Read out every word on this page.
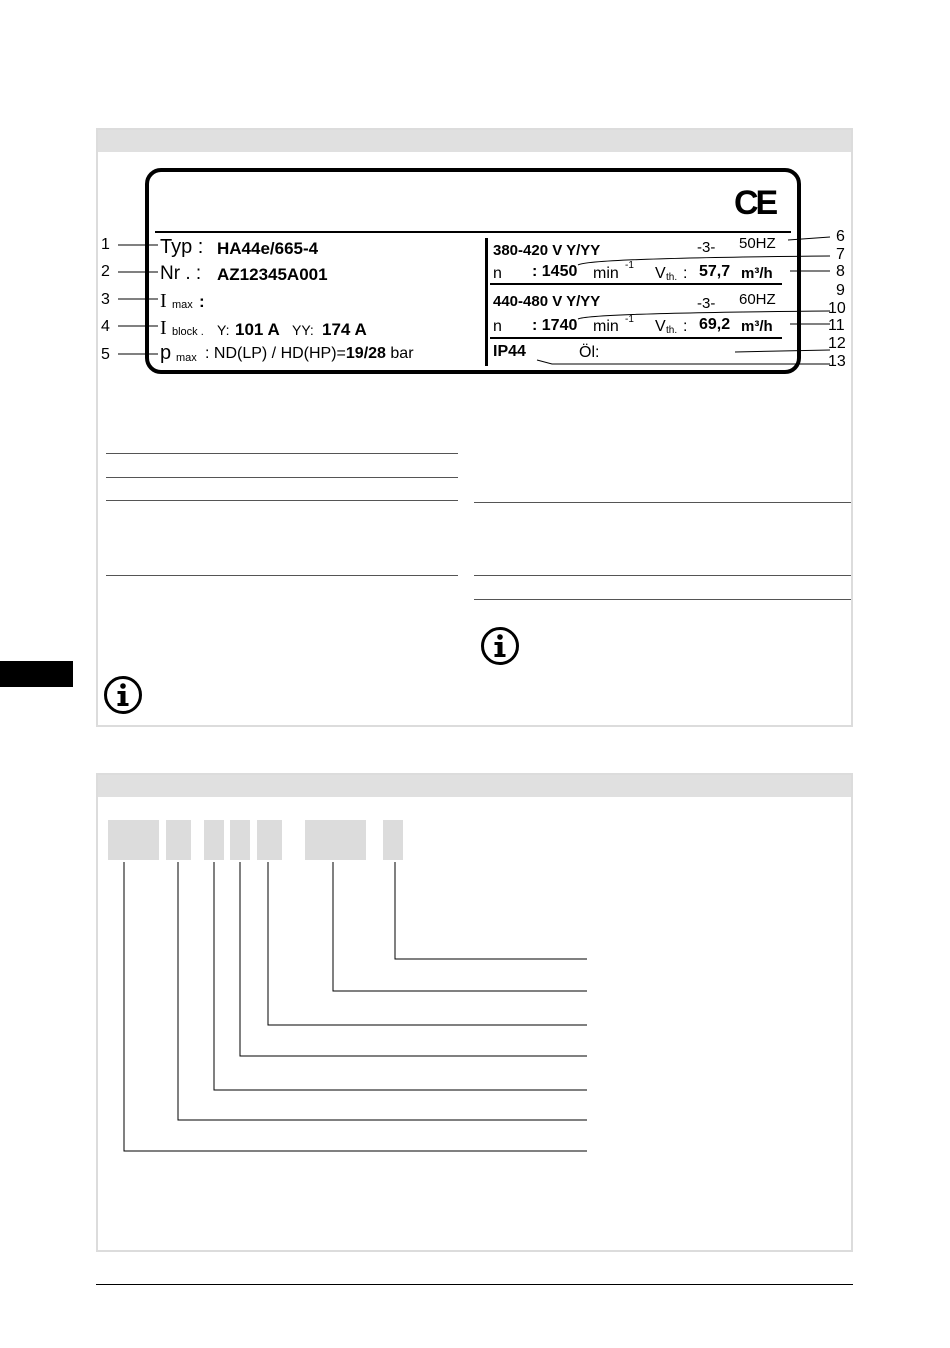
CE
Typ : HA44e/665-4
Nr . : AZ12345A001
I max :
I block . Y: 101 A YY: 174 A
p max : ND(LP) / HD(HP)=19/28 bar
380-420 V Y/YY	-3- 50HZ
n : 1450 min -1 V th. : 57,7 m³/h
440-480 V Y/YY	-3- 60HZ
n : 1740 min -1 V th. : 69,2 m³/h
IP44	Öl:
1
2
3
4
5
6
7
8
9
10
11
12
13
